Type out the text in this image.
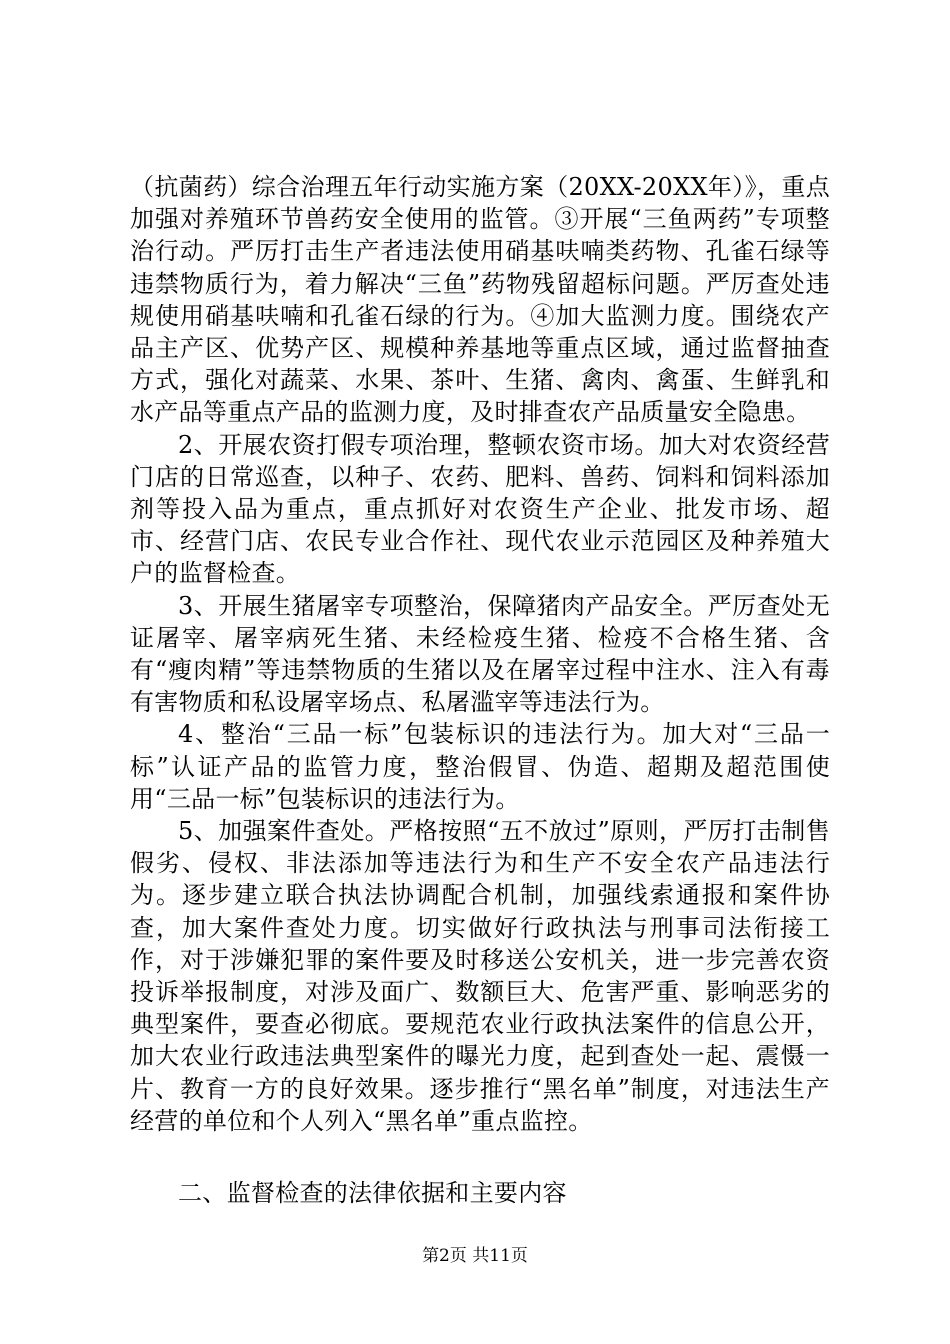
（抗菌药）综合治理五年行动实施方案（20XX-20XX年）》，重点加强对养殖环节兽药安全使用的监管。③开展“三鱼两药”专项整治行动。严厉打击生产者违法使用硝基呋喃类药物、孔雀石绿等违禁物质行为，着力解决“三鱼”药物残留超标问题。严厉查处违规使用硝基呋喃和孔雀石绿的行为。④加大监测力度。围绕农产品主产区、优势产区、规模种养基地等重点区域，通过监督抽查方式，强化对蔬菜、水果、茶叶、生猪、禽肉、禽蛋、生鲜乳和水产品等重点产品的监测力度，及时排查农产品质量安全隐患。

2、开展农资打假专项治理，整顿农资市场。加大对农资经营门店的日常巡查，以种子、农药、肥料、兽药、饲料和饲料添加剂等投入品为重点，重点抓好对农资生产企业、批发市场、超市、经营门店、农民专业合作社、现代农业示范园区及种养殖大户的监督检查。

3、开展生猪屠宰专项整治，保障猪肉产品安全。严厉查处无证屠宰、屠宰病死生猪、未经检疫生猪、检疫不合格生猪、含有“瘦肉精”等违禁物质的生猪以及在屠宰过程中注水、注入有毒有害物质和私设屠宰场点、私屠滥宰等违法行为。

4、整治“三品一标”包装标识的违法行为。加大对“三品一标”认证产品的监管力度，整治假冒、伪造、超期及超范围使用“三品一标”包装标识的违法行为。

5、加强案件查处。严格按照“五不放过”原则，严厉打击制售假劣、侵权、非法添加等违法行为和生产不安全农产品违法行为。逐步建立联合执法协调配合机制，加强线索通报和案件协查，加大案件查处力度。切实做好行政执法与刑事司法衔接工作，对于涉嫌犯罪的案件要及时移送公安机关，进一步完善农资投诉举报制度，对涉及面广、数额巨大、危害严重、影响恶劣的典型案件，要查必彻底。要规范农业行政执法案件的信息公开，加大农业行政违法典型案件的曝光力度，起到查处一起、震慑一片、教育一方的良好效果。逐步推行“黑名单”制度，对违法生产经营的单位和个人列入“黑名单”重点监控。

二、监督检查的法律依据和主要内容

第2页 共11页
